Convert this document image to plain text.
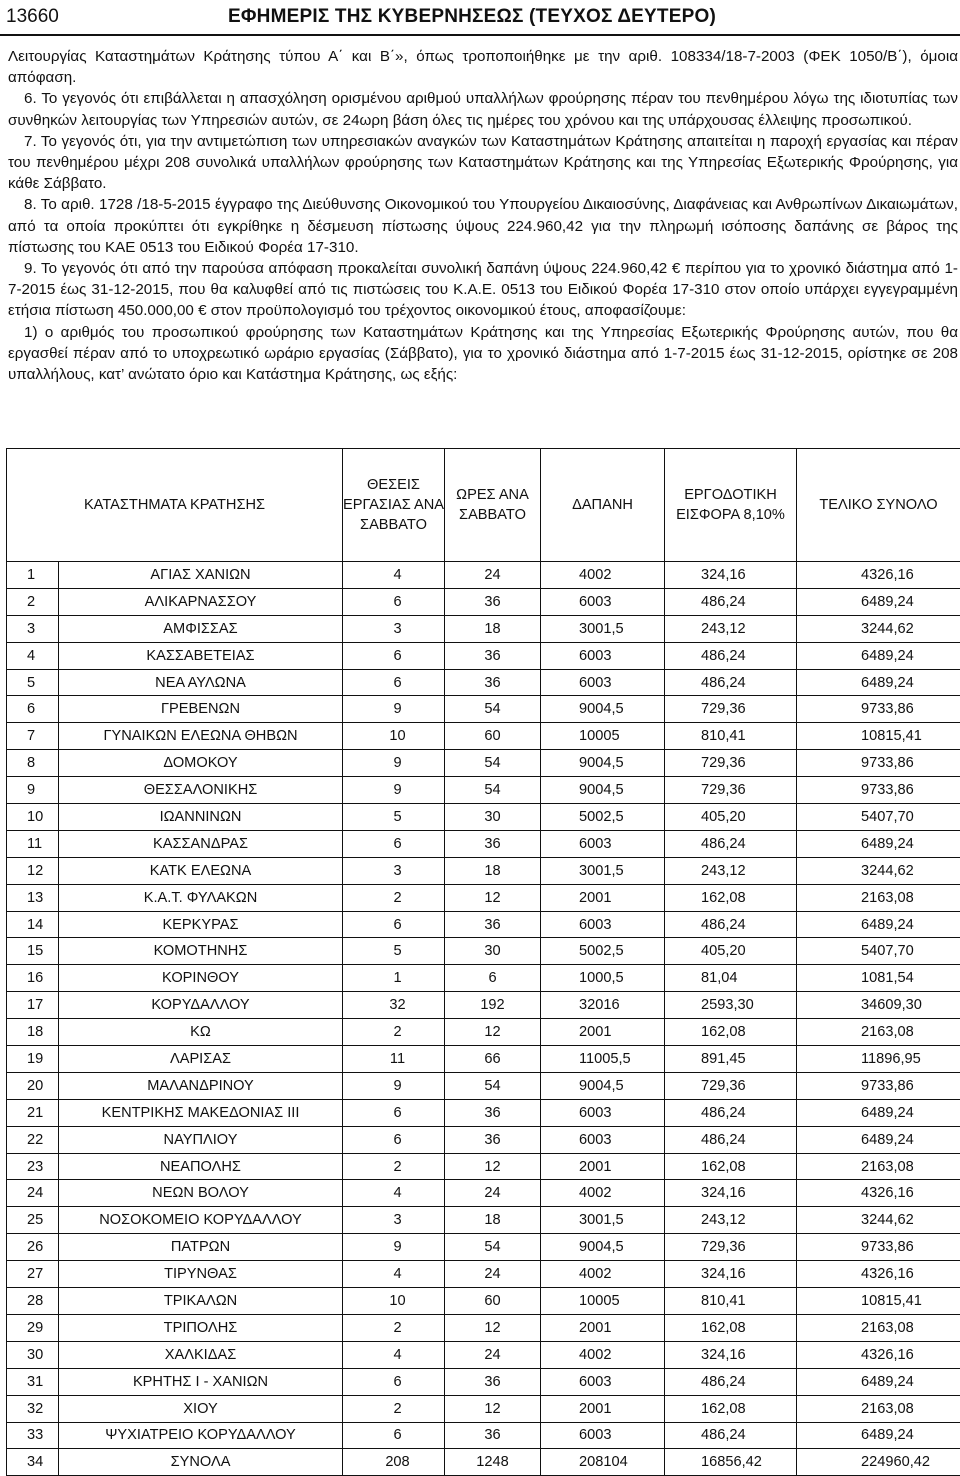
13660	ΕΦΗΜΕΡΙΣ ΤΗΣ ΚΥΒΕΡΝΗΣΕΩΣ (ΤΕΥΧΟΣ ΔΕΥΤΕΡΟ)

Λειτουργίας Καταστημάτων Κράτησης τύπου Α΄ και Β΄», όπως τροποποιήθηκε με την αριθ. 108334/18-7-2003 (ΦΕΚ 1050/Β΄), όμοια απόφαση.

6. Το γεγονός ότι επιβάλλεται η απασχόληση ορισμένου αριθμού υπαλλήλων φρούρησης πέραν του πενθημέρου λόγω της ιδιοτυπίας των συνθηκών λειτουργίας των Υπηρεσιών αυτών, σε 24ωρη βάση όλες τις ημέρες του χρόνου και της υπάρχουσας έλλειψης προσωπικού.

7. Το γεγονός ότι, για την αντιμετώπιση των υπηρεσιακών αναγκών των Καταστημάτων Κράτησης απαιτείται η παροχή εργασίας και πέραν του πενθημέρου μέχρι 208 συνολικά υπαλλήλων φρούρησης των Καταστημάτων Κράτησης και της Υπηρεσίας Εξωτερικής Φρούρησης, για κάθε Σάββατο.

8. Το αριθ. 1728 /18-5-2015 έγγραφο της Διεύθυνσης Οικονομικού του Υπουργείου Δικαιοσύνης, Διαφάνειας και Ανθρωπίνων Δικαιωμάτων, από τα οποία προκύπτει ότι εγκρίθηκε η δέσμευση πίστωσης ύψους 224.960,42 για την πληρωμή ισόποσης δαπάνης σε βάρος της πίστωσης του ΚΑΕ 0513 του Ειδικού Φορέα 17-310.

9. Το γεγονός ότι από την παρούσα απόφαση προκαλείται συνολική δαπάνη ύψους 224.960,42 € περίπου για το χρονικό διάστημα από 1-7-2015 έως 31-12-2015, που θα καλυφθεί από τις πιστώσεις του Κ.Α.Ε. 0513 του Ειδικού Φορέα 17-310 στον οποίο υπάρχει εγγεγραμμένη ετήσια πίστωση 450.000,00 € στον προϋπολογισμό του τρέχοντος οικονομικού έτους, αποφασίζουμε:

1) ο αριθμός του προσωπικού φρούρησης των Καταστημάτων Κράτησης και της Υπηρεσίας Εξωτερικής Φρούρησης αυτών, που θα εργασθεί πέραν από το υποχρεωτικό ωράριο εργασίας (Σάββατο), για το χρονικό διάστημα από 1-7-2015 έως 31-12-2015, ορίστηκε σε 208 υπαλλήλους, κατ’ ανώτατο όριο και Κατάστημα Κράτησης, ως εξής:

ΚΑΤΑΣΤΗΜΑΤΑ ΚΡΑΤΗΣΗΣ		ΘΕΣΕΙΣ ΕΡΓΑΣΙΑΣ ΑΝΑ ΣΑΒΒΑΤΟ	ΩΡΕΣ ΑΝΑ ΣΑΒΒΑΤΟ	ΔΑΠΑΝΗ	ΕΡΓΟΔΟΤΙΚΗ ΕΙΣΦΟΡΑ 8,10%	ΤΕΛΙΚΟ ΣΥΝΟΛΟ
1	ΑΓΙΑΣ ΧΑΝΙΩΝ	4	24	4002	324,16	4326,16
2	ΑΛΙΚΑΡΝΑΣΣΟΥ	6	36	6003	486,24	6489,24
3	ΑΜΦΙΣΣΑΣ	3	18	3001,5	243,12	3244,62
4	ΚΑΣΣΑΒΕΤΕΙΑΣ	6	36	6003	486,24	6489,24
5	ΝΕΑ ΑΥΛΩΝΑ	6	36	6003	486,24	6489,24
6	ΓΡΕΒΕΝΩΝ	9	54	9004,5	729,36	9733,86
7	ΓΥΝΑΙΚΩΝ ΕΛΕΩΝΑ ΘΗΒΩΝ	10	60	10005	810,41	10815,41
8	ΔΟΜΟΚΟΥ	9	54	9004,5	729,36	9733,86
9	ΘΕΣΣΑΛΟΝΙΚΗΣ	9	54	9004,5	729,36	9733,86
10	ΙΩΑΝΝΙΝΩΝ	5	30	5002,5	405,20	5407,70
11	ΚΑΣΣΑΝΔΡΑΣ	6	36	6003	486,24	6489,24
12	ΚΑΤΚ ΕΛΕΩΝΑ	3	18	3001,5	243,12	3244,62
13	Κ.Α.Τ. ΦΥΛΑΚΩΝ	2	12	2001	162,08	2163,08
14	ΚΕΡΚΥΡΑΣ	6	36	6003	486,24	6489,24
15	ΚΟΜΟΤΗΝΗΣ	5	30	5002,5	405,20	5407,70
16	ΚΟΡΙΝΘΟΥ	1	6	1000,5	81,04	1081,54
17	ΚΟΡΥΔΑΛΛΟΥ	32	192	32016	2593,30	34609,30
18	ΚΩ	2	12	2001	162,08	2163,08
19	ΛΑΡΙΣΑΣ	11	66	11005,5	891,45	11896,95
20	ΜΑΛΑΝΔΡΙΝΟΥ	9	54	9004,5	729,36	9733,86
21	ΚΕΝΤΡΙΚΗΣ ΜΑΚΕΔΟΝΙΑΣ ΙΙΙ	6	36	6003	486,24	6489,24
22	ΝΑΥΠΛΙΟΥ	6	36	6003	486,24	6489,24
23	ΝΕΑΠΟΛΗΣ	2	12	2001	162,08	2163,08
24	ΝΕΩΝ ΒΟΛΟΥ	4	24	4002	324,16	4326,16
25	ΝΟΣΟΚΟΜΕΙΟ ΚΟΡΥΔΑΛΛΟΥ	3	18	3001,5	243,12	3244,62
26	ΠΑΤΡΩΝ	9	54	9004,5	729,36	9733,86
27	ΤΙΡΥΝΘΑΣ	4	24	4002	324,16	4326,16
28	ΤΡΙΚΑΛΩΝ	10	60	10005	810,41	10815,41
29	ΤΡΙΠΟΛΗΣ	2	12	2001	162,08	2163,08
30	ΧΑΛΚΙΔΑΣ	4	24	4002	324,16	4326,16
31	ΚΡΗΤΗΣ Ι - ΧΑΝΙΩΝ	6	36	6003	486,24	6489,24
32	ΧΙΟΥ	2	12	2001	162,08	2163,08
33	ΨΥΧΙΑΤΡΕΙΟ ΚΟΡΥΔΑΛΛΟΥ	6	36	6003	486,24	6489,24
34	ΣΥΝΟΛΑ	208	1248	208104	16856,42	224960,42
